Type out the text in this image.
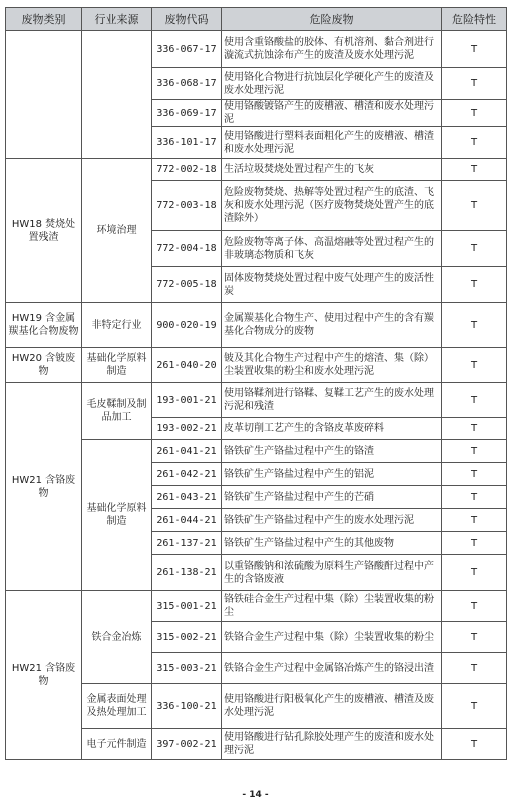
废物类别	行业来源	废物代码	危险废物	危险特性
		336-067-17	使用含重铬酸盐的胶体、有机溶剂、黏合剂进行漩流式抗蚀涂布产生的废渣及废水处理污泥	T
		336-068-17	使用铬化合物进行抗蚀层化学硬化产生的废渣及废水处理污泥	T
		336-069-17	使用铬酸镀铬产生的废槽液、槽渣和废水处理污泥	T
		336-101-17	使用铬酸进行塑料表面粗化产生的废槽液、槽渣和废水处理污泥	T
HW18 焚烧处置残渣	环境治理	772-002-18	生活垃圾焚烧处置过程产生的飞灰	T
		772-003-18	危险废物焚烧、热解等处置过程产生的底渣、飞灰和废水处理污泥（医疗废物焚烧处置产生的底渣除外）	T
		772-004-18	危险废物等离子体、高温熔融等处置过程产生的非玻璃态物质和飞灰	T
		772-005-18	固体废物焚烧处置过程中废气处理产生的废活性炭	T
HW19 含金属羰基化合物废物	非特定行业	900-020-19	金属羰基化合物生产、使用过程中产生的含有羰基化合物成分的废物	T
HW20 含铍废物	基础化学原料制造	261-040-20	铍及其化合物生产过程中产生的熔渣、集（除）尘装置收集的粉尘和废水处理污泥	T
HW21 含铬废物	毛皮鞣制及制品加工	193-001-21	使用铬鞣剂进行铬鞣、复鞣工艺产生的废水处理污泥和残渣	T
		193-002-21	皮革切削工艺产生的含铬皮革废碎料	T
	基础化学原料制造	261-041-21	铬铁矿生产铬盐过程中产生的铬渣	T
		261-042-21	铬铁矿生产铬盐过程中产生的铝泥	T
		261-043-21	铬铁矿生产铬盐过程中产生的芒硝	T
		261-044-21	铬铁矿生产铬盐过程中产生的废水处理污泥	T
		261-137-21	铬铁矿生产铬盐过程中产生的其他废物	T
		261-138-21	以重铬酸钠和浓硫酸为原料生产铬酸酐过程中产生的含铬废液	T
HW21 含铬废物	铁合金冶炼	315-001-21	铬铁硅合金生产过程中集（除）尘装置收集的粉尘	T
		315-002-21	铁铬合金生产过程中集（除）尘装置收集的粉尘	T
		315-003-21	铁铬合金生产过程中金属铬冶炼产生的铬浸出渣	T
	金属表面处理及热处理加工	336-100-21	使用铬酸进行阳极氧化产生的废槽液、槽渣及废水处理污泥	T
	电子元件制造	397-002-21	使用铬酸进行钻孔除胶处理产生的废渣和废水处理污泥	T
- 14 -
